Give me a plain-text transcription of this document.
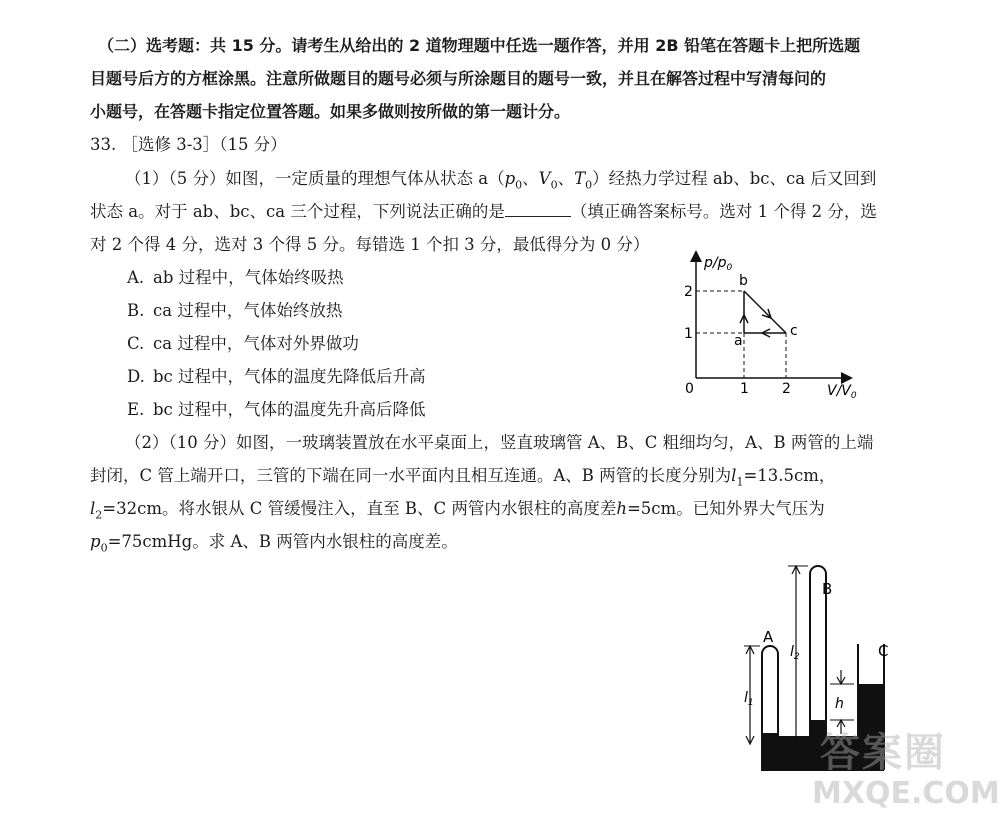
（二）选考题：共 15 分。请考生从给出的 2 道物理题中任选一题作答，并用 2B 铅笔在答题卡上把所选题
目题号后方的方框涂黑。注意所做题目的题号必须与所涂题目的题号一致，并且在解答过程中写清每问的
小题号，在答题卡指定位置答题。如果多做则按所做的第一题计分。
33. ［选修 3-3］（15 分）
（1）（5 分）如图，一定质量的理想气体从状态 $a(p_0$、$V_0$、$T_0$）经热力学过程 ab、bc、ca 后又回到
状态 a。对于 ab、bc、ca 三个过程，下列说法正确的是	（填正确答案标号。选对 1 个得 2 分，选
对 2 个得 4 分，选对 3 个得 5 分。每错选 1 个扣 3 分，最低得分为 0 分）
A. ab 过程中，气体始终吸热
B. ca 过程中，气体始终放热
C. ca 过程中，气体对外界做功
D. bc 过程中，气体的温度先降低后升高
E. bc 过程中，气体的温度先升高后降低
$p/p_0$
$V/V_0$
0	1 2
1
2
a
b
c
（2）（10 分）如图，一玻璃装置放在水平桌面上，竖直玻璃管 A、B、C 粗细均匀，A、B 两管的上端
封闭，C 管上端开口，三管的下端在同一水平面内且相互连通。A、B 两管的长度分别为$l_1=13.5cm$，
$l_2=32cm$。将水银从 C 管缓慢注入，直至 B、C 两管内水银柱的高度差h=5cm。已知外界大气压为
$p_0=75cmHg$。求 A、B 两管内水银柱的高度差。
$l_1$
$l_2$
h
A
B
C
答案圈
MXQE.COM
